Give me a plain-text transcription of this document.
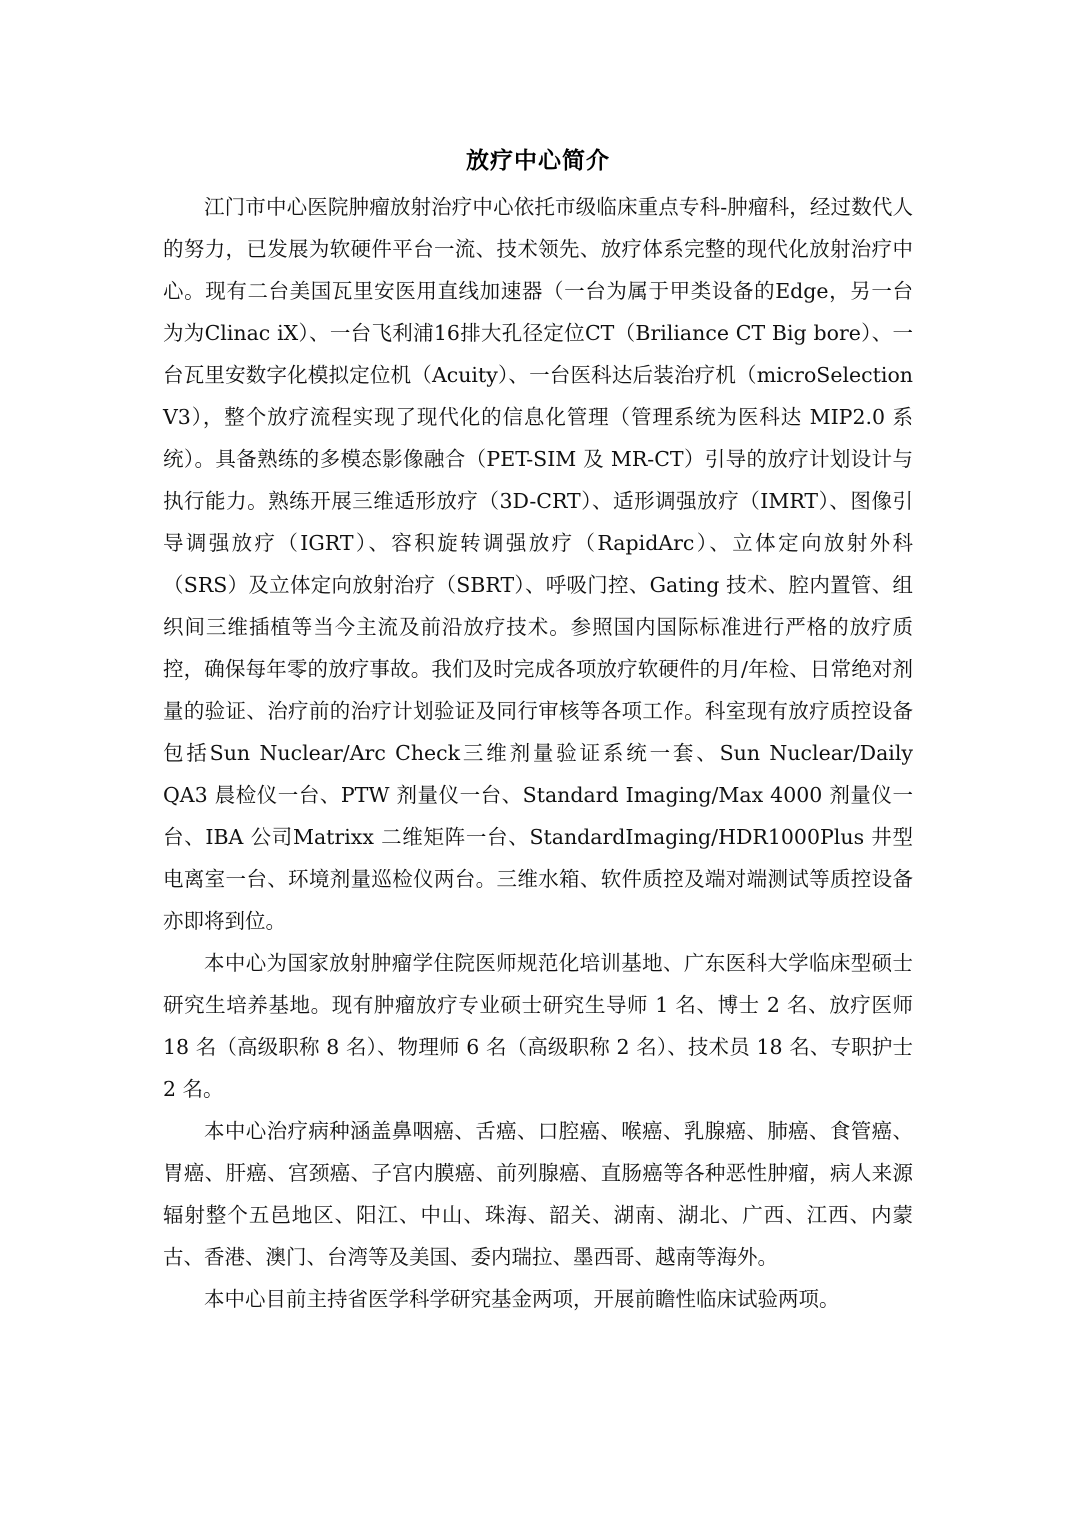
放疗中心简介

江门市中心医院肿瘤放射治疗中心依托市级临床重点专科-肿瘤科，经过数代人的努力，已发展为软硬件平台一流、技术领先、放疗体系完整的现代化放射治疗中心。现有二台美国瓦里安医用直线加速器（一台为属于甲类设备的Edge，另一台为为Clinac iX）、一台飞利浦16排大孔径定位CT（Briliance CT Big bore）、一台瓦里安数字化模拟定位机（Acuity）、一台医科达后装治疗机（microSelection V3），整个放疗流程实现了现代化的信息化管理（管理系统为医科达 MIP2.0 系统）。具备熟练的多模态影像融合（PET-SIM 及 MR-CT）引导的放疗计划设计与执行能力。熟练开展三维适形放疗（3D-CRT）、适形调强放疗（IMRT）、图像引导调强放疗（IGRT）、容积旋转调强放疗（RapidArc）、立体定向放射外科（SRS）及立体定向放射治疗（SBRT）、呼吸门控、Gating 技术、腔内置管、组织间三维插植等当今主流及前沿放疗技术。参照国内国际标准进行严格的放疗质控，确保每年零的放疗事故。我们及时完成各项放疗软硬件的月/年检、日常绝对剂量的验证、治疗前的治疗计划验证及同行审核等各项工作。科室现有放疗质控设备包括Sun Nuclear/Arc Check三维剂量验证系统一套、Sun Nuclear/Daily QA3 晨检仪一台、PTW 剂量仪一台、Standard Imaging/Max 4000 剂量仪一台、IBA 公司Matrixx 二维矩阵一台、StandardImaging/HDR1000Plus 井型电离室一台、环境剂量巡检仪两台。三维水箱、软件质控及端对端测试等质控设备亦即将到位。

本中心为国家放射肿瘤学住院医师规范化培训基地、广东医科大学临床型硕士研究生培养基地。现有肿瘤放疗专业硕士研究生导师 1 名、博士 2 名、放疗医师 18 名（高级职称 8 名）、物理师 6 名（高级职称 2 名）、技术员 18 名、专职护士 2 名。

本中心治疗病种涵盖鼻咽癌、舌癌、口腔癌、喉癌、乳腺癌、肺癌、食管癌、胃癌、肝癌、宫颈癌、子宫内膜癌、前列腺癌、直肠癌等各种恶性肿瘤，病人来源辐射整个五邑地区、阳江、中山、珠海、韶关、湖南、湖北、广西、江西、内蒙古、香港、澳门、台湾等及美国、委内瑞拉、墨西哥、越南等海外。

本中心目前主持省医学科学研究基金两项，开展前瞻性临床试验两项。
